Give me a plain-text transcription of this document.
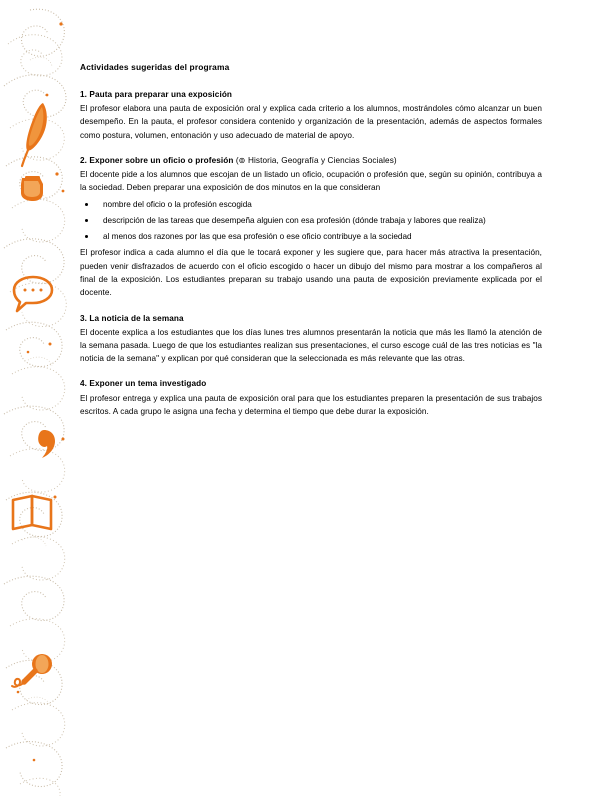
Actividades sugeridas del programa
1. Pauta para preparar una exposición

El profesor elabora una pauta de exposición oral y explica cada criterio a los alumnos, mostrándoles cómo alcanzar un buen desempeño. En la pauta, el profesor considera contenido y organización de la presentación, además de aspectos formales como postura, volumen, entonación y uso adecuado de material de apoyo.

2. Exponer sobre un oficio o profesión (⊚ Historia, Geografía y Ciencias Sociales)

El docente pide a los alumnos que escojan de un listado un oficio, ocupación o profesión que, según su opinión, contribuya a la sociedad. Deben preparar una exposición de dos minutos en la que consideran

nombre del oficio o la profesión escogida
descripción de las tareas que desempeña alguien con esa profesión (dónde trabaja y labores que realiza)
al menos dos razones por las que esa profesión o ese oficio contribuye a la sociedad

El profesor indica a cada alumno el día que le tocará exponer y les sugiere que, para hacer más atractiva la presentación, pueden venir disfrazados de acuerdo con el oficio escogido o hacer un dibujo del mismo para mostrar a los compañeros al final de la exposición. Los estudiantes preparan su trabajo usando una pauta de exposición previamente explicada por el docente.

3. La noticia de la semana

El docente explica a los estudiantes que los días lunes tres alumnos presentarán la noticia que más les llamó la atención de la semana pasada. Luego de que los estudiantes realizan sus presentaciones, el curso escoge cuál de las tres noticias es "la noticia de la semana" y explican por qué consideran que la seleccionada es más relevante que las otras.

4. Exponer un tema investigado

El profesor entrega y explica una pauta de exposición oral para que los estudiantes preparen la presentación de sus trabajos escritos. A cada grupo le asigna una fecha y determina el tiempo que debe durar la exposición.
